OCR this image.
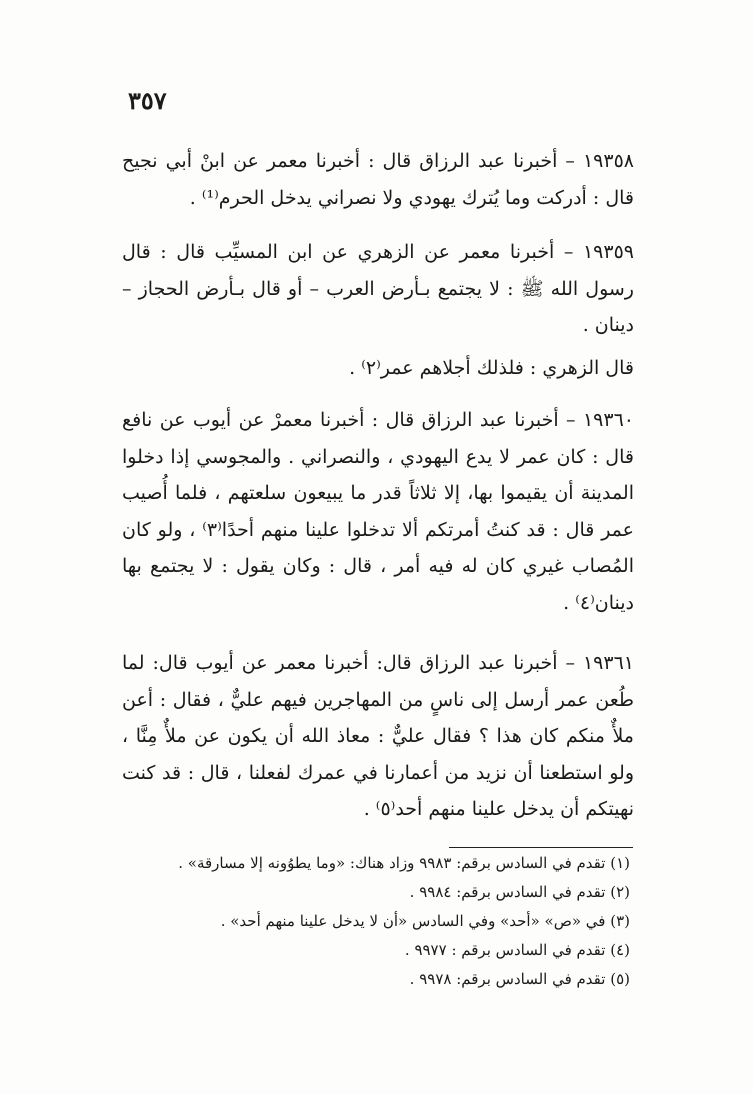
٣٥٧

١٩٣٥٨ – أخبرنا عبد الرزاق قال : أخبرنا معمر عن ابنْ أبي نجيح قال : أدركت وما يُترك يهودي ولا نصراني يدخل الحرم⁽¹⁾ .

١٩٣٥٩ – أخبرنا معمر عن الزهري عن ابن المسيِّب قال : قال رسول الله ﷺ : لا يجتمع بـأرض العرب – أو قال بـأرض الحجاز – دينان .

قال الزهري : فلذلك أجلاهم عمر⁽٢⁾ .

١٩٣٦٠ – أخبرنا عبد الرزاق قال : أخبرنا معمرْ عن أيوب عن نافع قال : كان عمر لا يدع اليهودي ، والنصراني . والمجوسي إذا دخلوا المدينة أن يقيموا بها، إلا ثلاثاً قدر ما يبيعون سلعتهم ، فلما أُصيب عمر قال : قد كنتُ أمرتكم ألا تدخلوا علينا منهم أحدًا⁽٣⁾ ، ولو كان المُصاب غيري كان له فيه أمر ، قال : وكان يقول : لا يجتمع بها دينان⁽٤⁾ .

١٩٣٦١ – أخبرنا عبد الرزاق قال: أخبرنا معمر عن أيوب قال: لما طُعن عمر أرسل إلى ناسٍ من المهاجرين فيهم عليٌّ ، فقال : أعن ملأٌ منكم كان هذا ؟ فقال عليٌّ : معاذ الله أن يكون عن ملأٌ مِنَّا ، ولو استطعنا أن نزيد من أعمارنا في عمرك لفعلنا ، قال : قد كنت نهيتكم أن يدخل علينا منهم أحد⁽٥⁾ .

(١) تقدم في السادس برقم: ٩٩٨٣ وزاد هناك: «وما يطوُونه إلا مسارقة» .

(٢) تقدم في السادس برقم: ٩٩٨٤ .

(٣) في «ص» «أحد» وفي السادس «أن لا يدخل علينا منهم أحد» .

(٤) تقدم في السادس برقم : ٩٩٧٧ .

(٥) تقدم في السادس برقم: ٩٩٧٨ .
